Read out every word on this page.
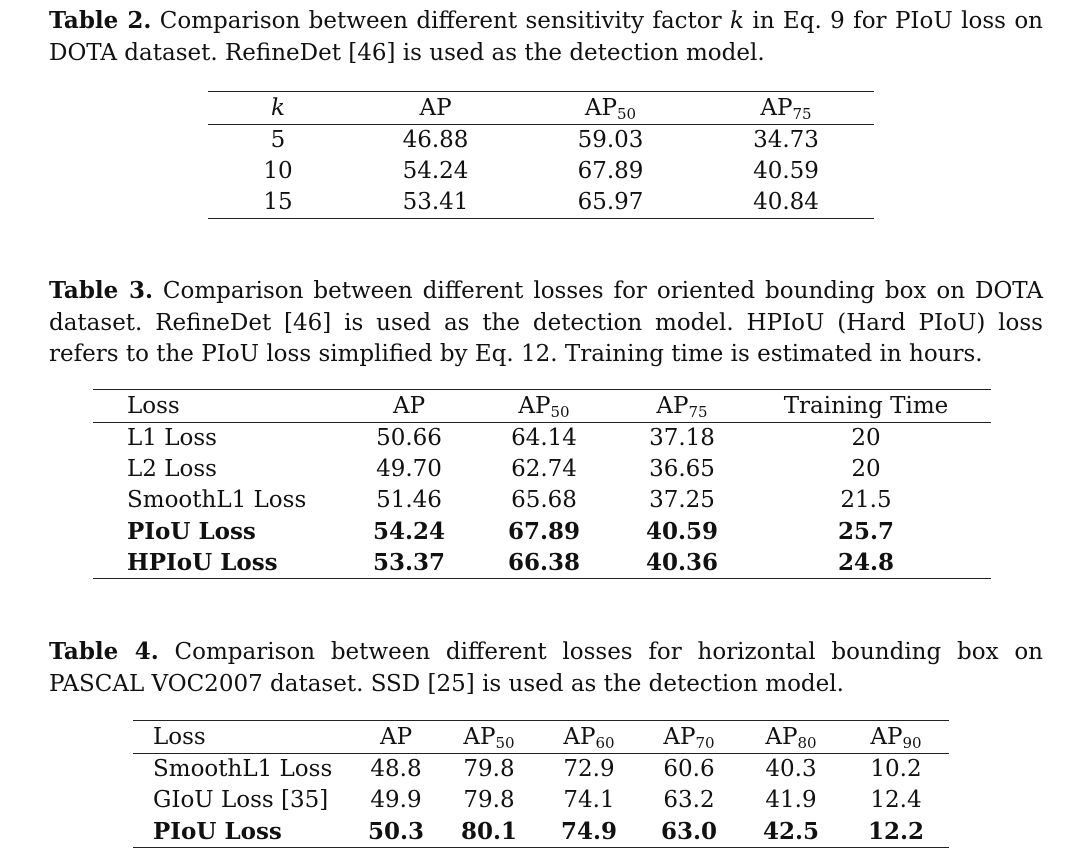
Table 2. Comparison between different sensitivity factor k in Eq. 9 for PIoU loss on DOTA dataset. RefineDet [46] is used as the detection model.

k	AP	$AP_{50}$	$AP_{75}$
5	46.88	59.03	34.73
10	54.24	67.89	40.59
15	53.41	65.97	40.84

Table 3. Comparison between different losses for oriented bounding box on DOTA dataset. RefineDet [46] is used as the detection model. HPIoU (Hard PIoU) loss refers to the PIoU loss simplified by Eq. 12. Training time is estimated in hours.

Loss	AP	$AP_{50}$	$AP_{75}$	Training Time
L1 Loss	50.66	64.14	37.18	20
L2 Loss	49.70	62.74	36.65	20
SmoothL1 Loss	51.46	65.68	37.25	21.5
PIoU Loss	54.24	67.89	40.59	25.7
HPIoU Loss	53.37	66.38	40.36	24.8

Table 4. Comparison between different losses for horizontal bounding box on PASCAL VOC2007 dataset. SSD [25] is used as the detection model.

Loss	AP	$AP_{50}$	$AP_{60}$	$AP_{70}$	$AP_{80}$	$AP_{90}$
SmoothL1 Loss	48.8	79.8	72.9	60.6	40.3	10.2
GIoU Loss [35]	49.9	79.8	74.1	63.2	41.9	12.4
PIoU Loss	50.3	80.1	74.9	63.0	42.5	12.2
